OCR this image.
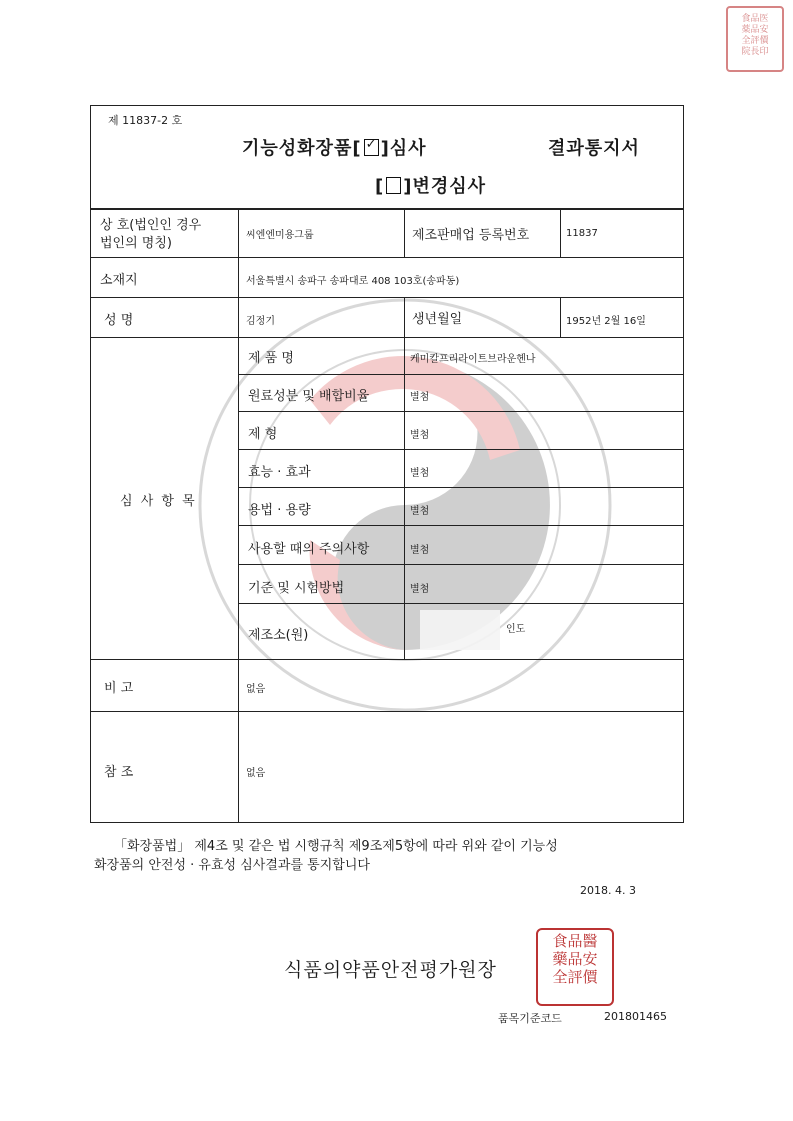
食品医
薬品安
全評價
院長印
제 11837-2 호
기능성화장품[ ✓ ]심사	결과통지서
[ ]변경심사
상 호(법인인 경우
법인의 명칭)
씨엔엔미용그룹	제조판매업 등록번호	11837
소재지	서울특별시 송파구 송파대로 408 103호(송파동)
성 명	김정기	생년월일	1952년 2월 16일
심 사 항 목
제 품 명	케미칼프리라이트브라운헨나
원료성분 및 배합비율	별첨
제 형	별첨
효능 · 효과	별첨
용법 · 용량	별첨
사용할 때의 주의사항	별첨
기준 및 시험방법	별첨
제조소(원)	인도
비 고	없음
참 조	없음
「화장품법」 제4조 및 같은 법 시행규칙 제9조제5항에 따라 위와 같이 기능성
화장품의 안전성 · 유효성 심사결과를 통지합니다
2018. 4. 3
식품의약품안전평가원장
食品醫
藥品安
全評價
품목기준코드	201801465
